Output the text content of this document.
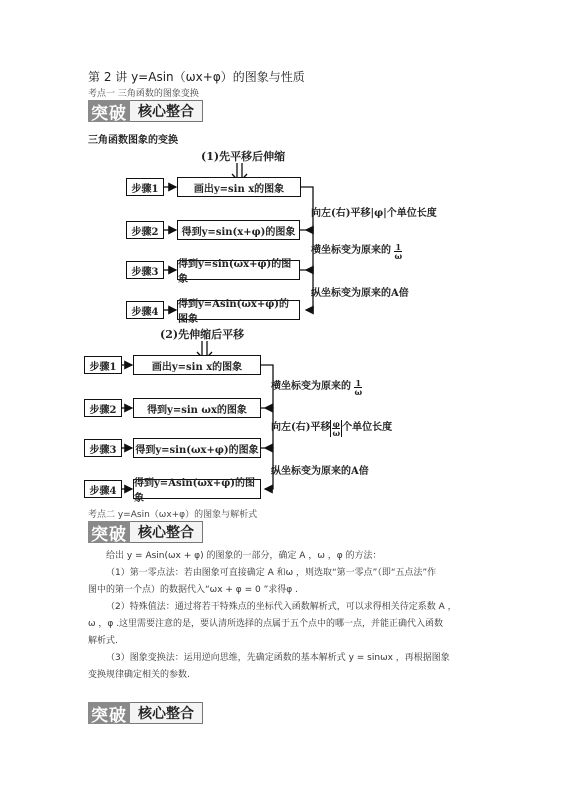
第 2 讲 y=Asin（ωx+φ）的图象与性质
考点一 三角函数的图象变换
突破 核心整合
三角函数图象的变换
(1)先平移后伸缩
步骤1
步骤2
步骤3
步骤4
画出y=sin x的图象
得到y=sin(x+φ)的图象
得到y=sin(ωx+φ)的图象
得到y=Asin(ωx+φ)的图象
向左(右)平移|φ|个单位长度
横坐标变为原来的 $\frac{1}{\omega}$
纵坐标变为原来的A倍
(2)先伸缩后平移
步骤1
步骤2
步骤3
步骤4
画出y=sin x的图象
得到y=sin ωx的图象
得到y=sin(ωx+φ)的图象
得到y=Asin(ωx+φ)的图象
横坐标变为原来的 $\frac{1}{\omega}$
向左(右)平移 $\frac{\varphi}{\omega}$ 个单位长度
纵坐标变为原来的A倍
考点二 y=Asin（ωx+φ）的图象与解析式
突破 核心整合
给出 y = Asin(ωx + φ) 的图象的一部分，确定 A ，ω ，φ 的方法：
（1）第一零点法：若由图象可直接确定 A 和ω ，则选取“第一零点”（即“五点法”作
图中的第一个点）的数据代入“ωx + φ = 0 ”求得φ .
（2）特殊值法：通过将若干特殊点的坐标代入函数解析式，可以求得相关待定系数 A ，
ω ，φ .这里需要注意的是，要认清所选择的点属于五个点中的哪一点，并能正确代入函数
解析式.
（3）图象变换法：运用逆向思维，先确定函数的基本解析式 y = sinωx ，再根据图象
变换规律确定相关的参数.
突破 核心整合
